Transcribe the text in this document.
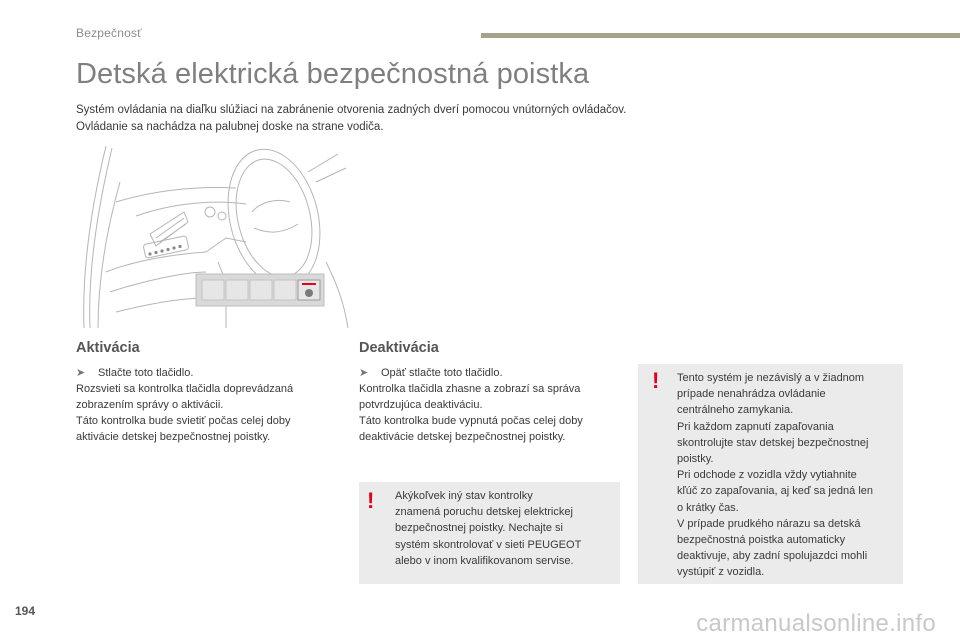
Bezpečnosť
Detská elektrická bezpečnostná poistka

Systém ovládania na diaľku slúžiaci na zabránenie otvorenia zadných dverí pomocou vnútorných ovládačov.

Ovládanie sa nachádza na palubnej doske na strane vodiča.

Aktivácia

➤ Stlačte toto tlačidlo.

Rozsvieti sa kontrolka tlačidla doprevádzaná

zobrazením správy o aktivácii.

Táto kontrolka bude svietiť počas celej doby

aktivácie detskej bezpečnostnej poistky.

Deaktivácia

➤ Opäť stlačte toto tlačidlo.

Kontrolka tlačidla zhasne a zobrazí sa správa

potvrdzujúca deaktiváciu.

Táto kontrolka bude vypnutá počas celej doby

deaktivácie detskej bezpečnostnej poistky.

! Akýkoľvek iný stav kontrolky

znamená poruchu detskej elektrickej

bezpečnostnej poistky. Nechajte si

systém skontrolovať v sieti PEUGEOT

alebo v inom kvalifikovanom servise.

! Tento systém je nezávislý a v žiadnom

prípade nenahrádza ovládanie

centrálneho zamykania.

Pri každom zapnutí zapaľovania

skontrolujte stav detskej bezpečnostnej

poistky.

Pri odchode z vozidla vždy vytiahnite

kľúč zo zapaľovania, aj keď sa jedná len

o krátky čas.

V prípade prudkého nárazu sa detská

bezpečnostná poistka automaticky

deaktivuje, aby zadní spolujazdci mohli

vystúpiť z vozidla.

194	carmanualsonline.info
